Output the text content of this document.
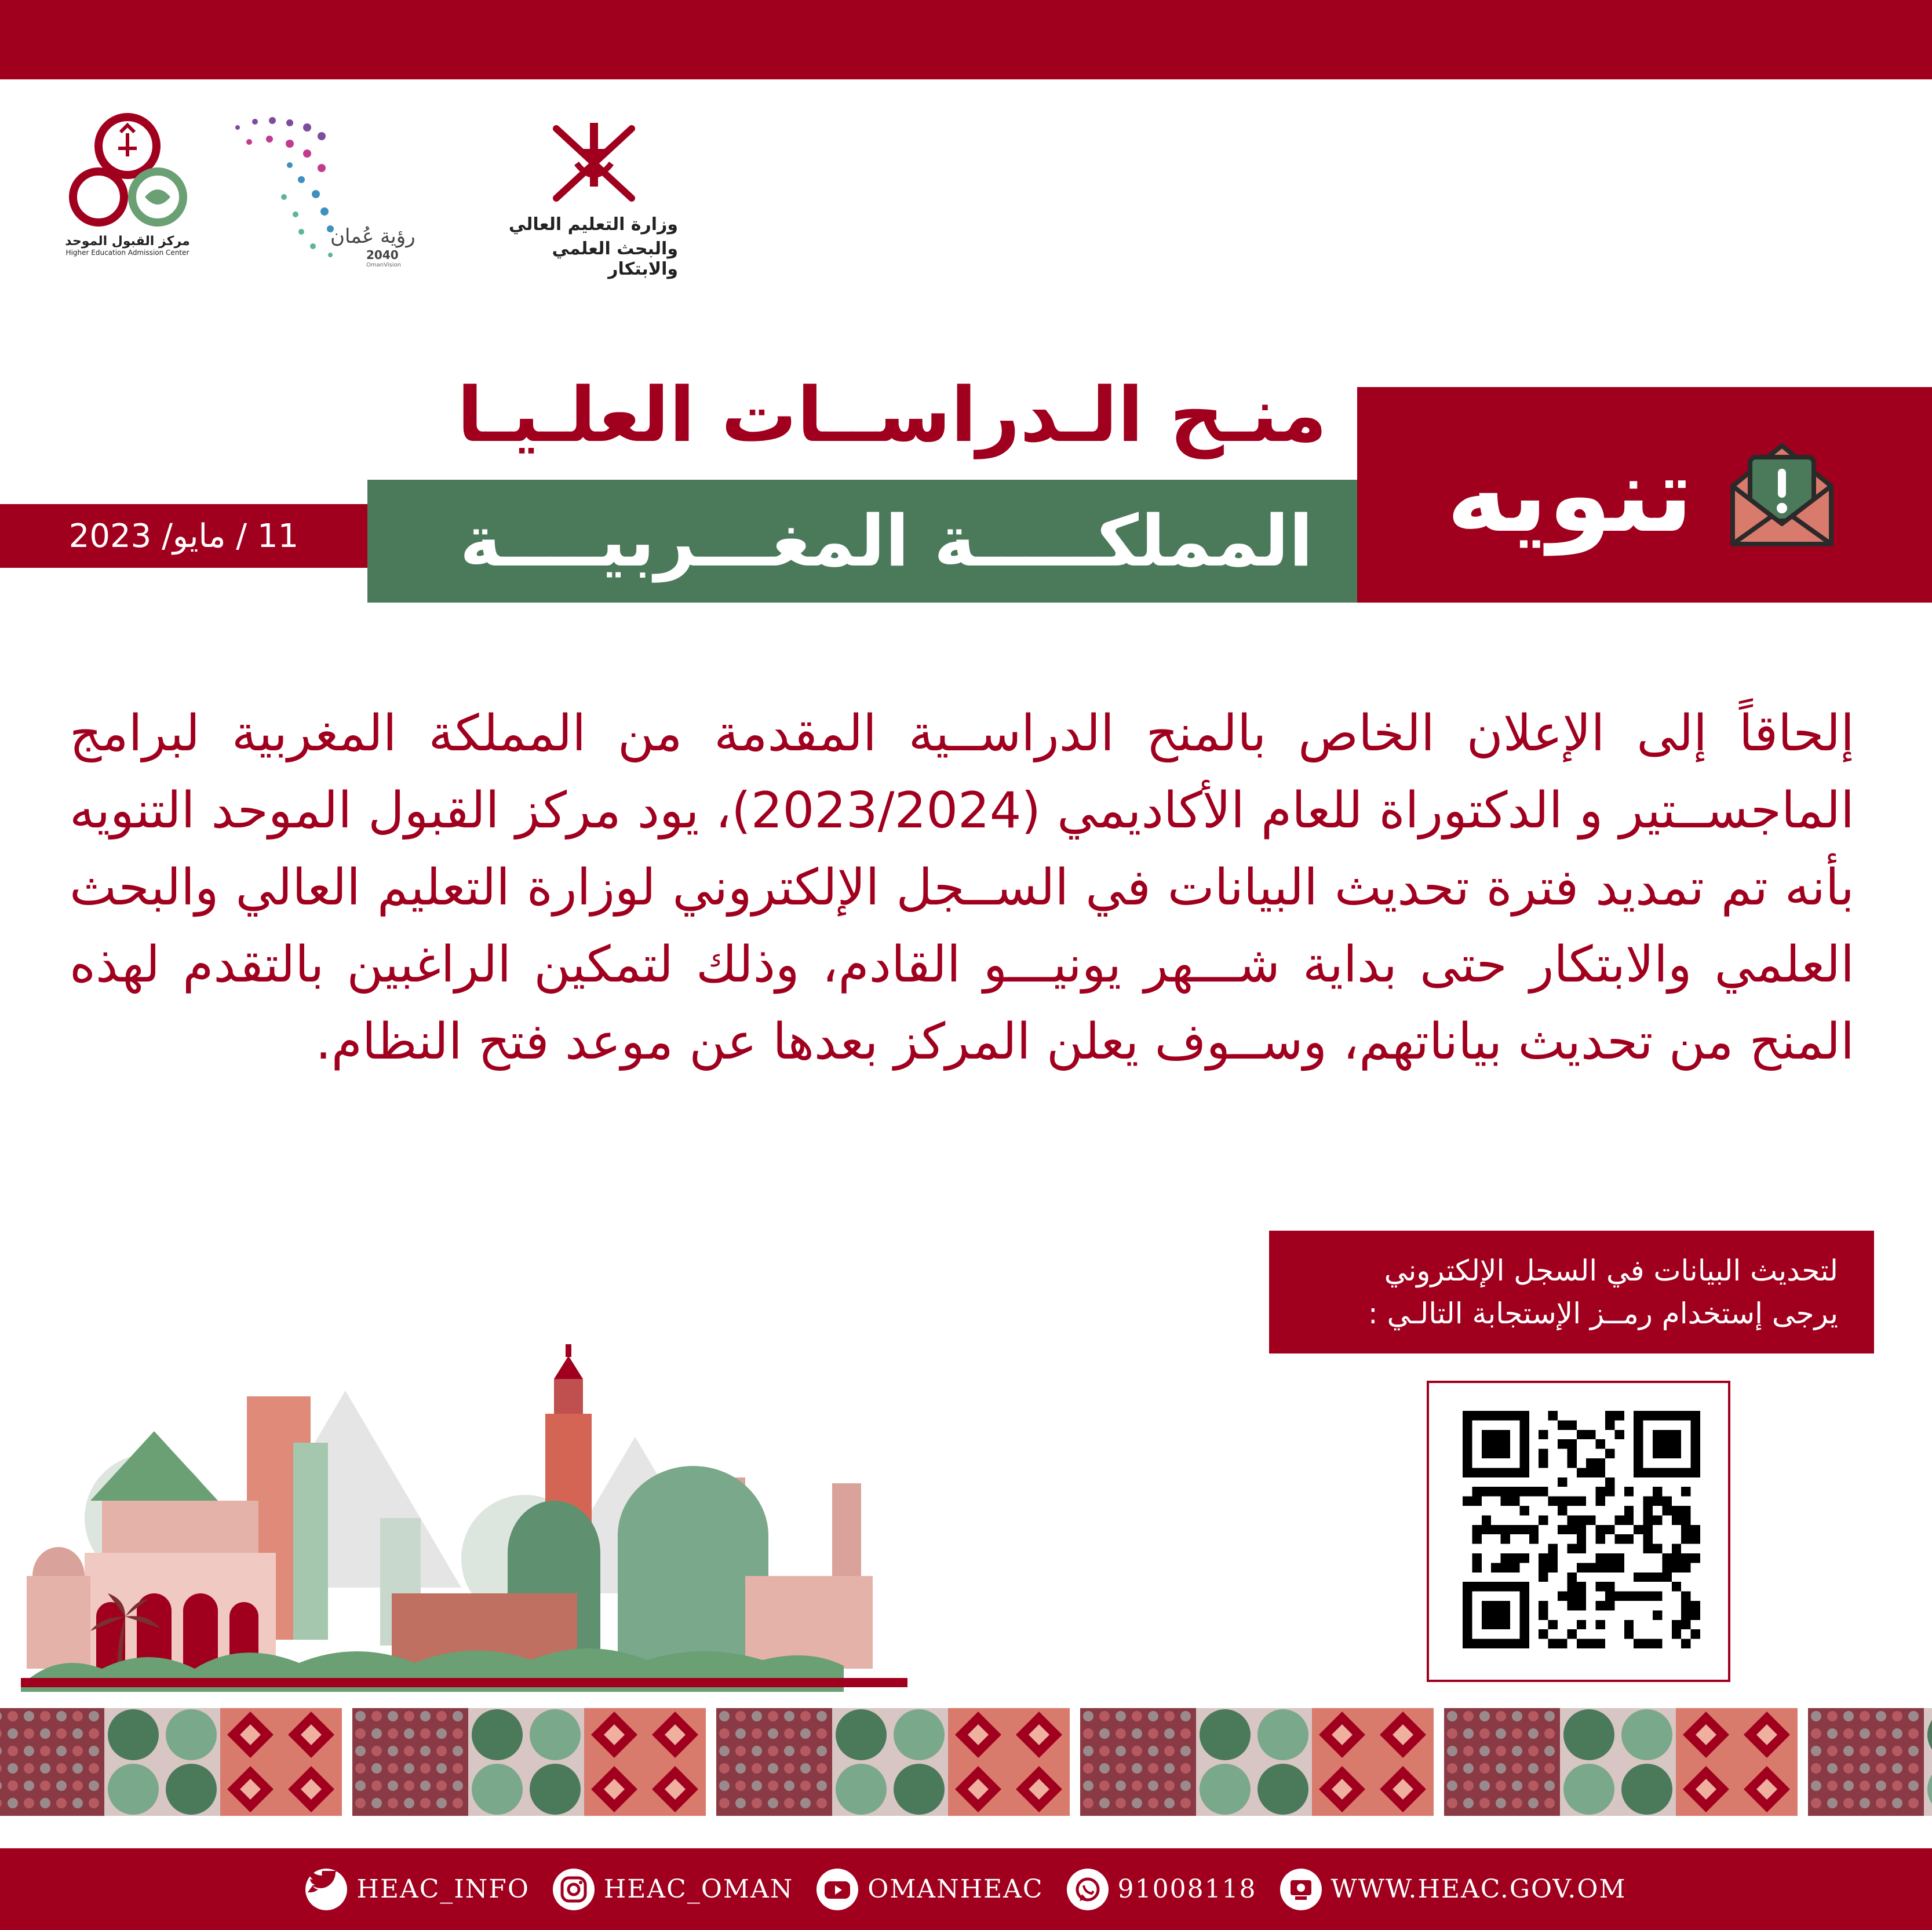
مركز القبول الموحد
Higher Education Admission Center
رؤية عُمان
2040
OmanVision
وزارة التعليم العالي
والبحث العلمي والابتكار
تنويه
منـح الـدراســات العلـيـا
المملكـــــة المغـــربيــــة
11 / مايو/ 2023
إلحاقاً إلى الإعلان الخاص بالمنح الدراســية المقدمة من المملكة المغربية لبرامج الماجســتير و الدكتوراة للعام الأكاديمي (2023/2024)، يود مركز القبول الموحد التنويه بأنه تم تمديد فترة تحديث البيانات في الســجل الإلكتروني لوزارة التعليم العالي والبحث العلمي والابتكار حتى بداية شـــهر يونيـــو القادم، وذلك لتمكين الراغبين بالتقدم لهذه المنح من تحديث بياناتهم، وســوف يعلن المركز بعدها عن موعد فتح النظام.
لتحديث البيانات في السجل الإلكتروني
يرجى إستخدام رمــز الإستجابة التالـي :
HEAC_INFO	HEAC_OMAN	OMANHEAC	91008118	WWW.HEAC.GOV.OM
